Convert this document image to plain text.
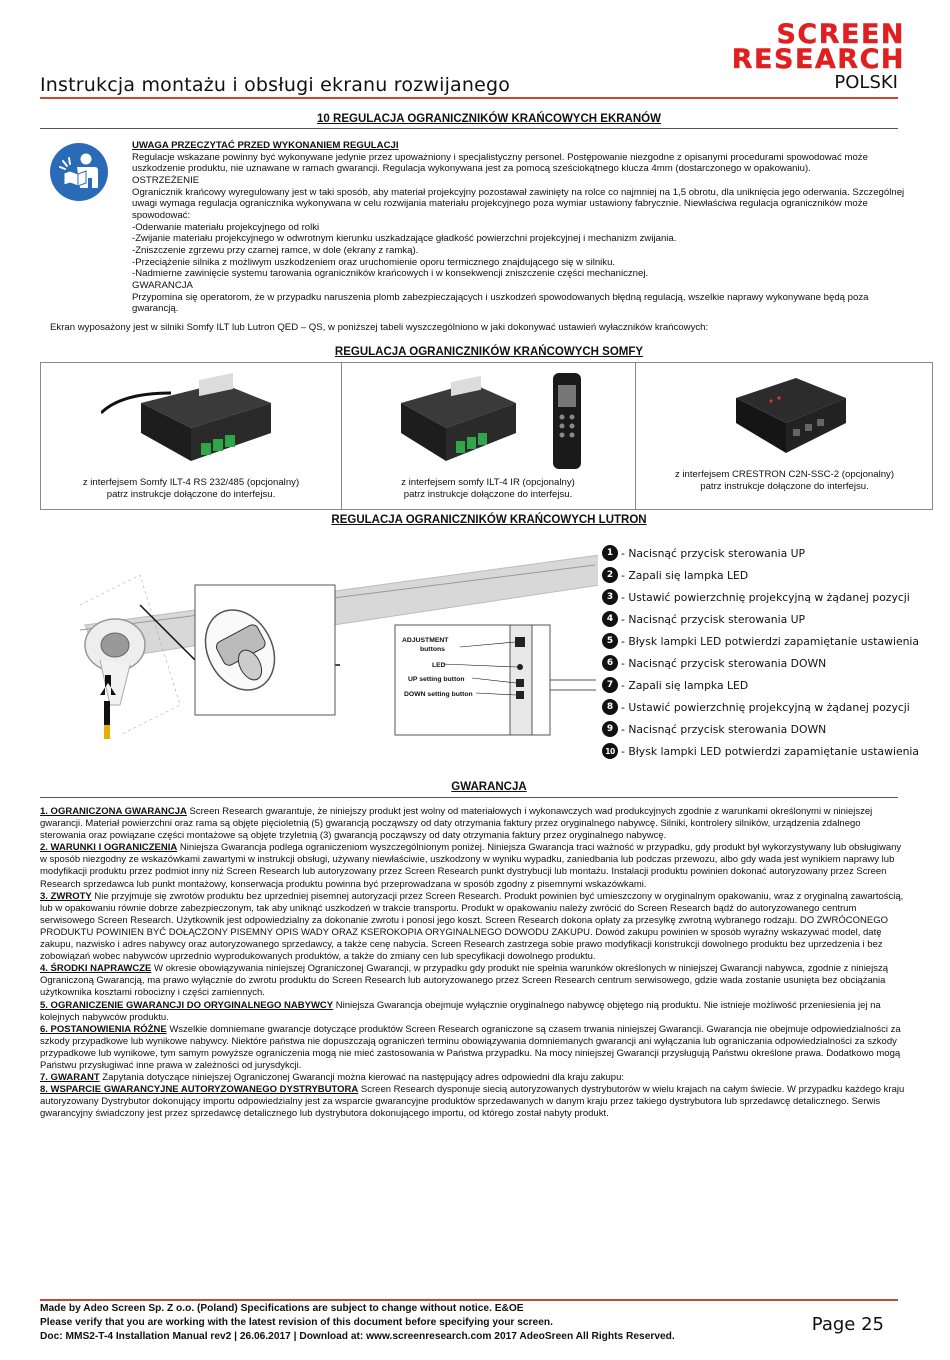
SCREEN
RESEARCH
Instrukcja montażu i obsługi ekranu rozwijanego	POLSKI
10 REGULACJA OGRANICZNIKÓW KRAŃCOWYCH EKRANÓW

UWAGA PRZECZYTAĆ PRZED WYKONANIEM REGULACJI

Regulacje wskazane powinny być wykonywane jedynie przez upoważniony i specjalistyczny personel. Postępowanie niezgodne z opisanymi procedurami spowodować może uszkodzenie produktu, nie uznawane w ramach gwarancji. Regulacja wykonywana jest za pomocą sześciokątnego klucza 4mm (dostarczonego w opakowaniu).

OSTRZEŻENIE

Ogranicznik krańcowy wyregulowany jest w taki sposób, aby materiał projekcyjny pozostawał zawinięty na rolce co najmniej na 1,5 obrotu, dla uniknięcia jego oderwania. Szczególnej uwagi wymaga regulacja ogranicznika wykonywana w celu rozwijania materiału projekcyjnego poza wymiar ustawiony fabrycznie. Niewłaściwa regulacja ograniczników może spowodować:

-Oderwanie materiału projekcyjnego od rolki

-Zwijanie materiału projekcyjnego w odwrotnym kierunku uszkadzające gładkość powierzchni projekcyjnej i mechanizm zwijania.

-Zniszczenie zgrzewu przy czarnej ramce, w dole (ekrany z ramką).

-Przeciążenie silnika z możliwym uszkodzeniem oraz uruchomienie oporu termicznego znajdującego się w silniku.

-Nadmierne zawinięcie systemu tarowania ograniczników krańcowych i w konsekwencji zniszczenie części mechanicznej.

GWARANCJA

Przypomina się operatorom, że w przypadku naruszenia plomb zabezpieczających i uszkodzeń spowodowanych błędną regulacją, wszelkie naprawy wykonywane będą poza gwarancją.

Ekran wyposażony jest w silniki Somfy ILT lub Lutron QED – QS, w poniższej tabeli wyszczególniono w jaki dokonywać ustawień wyłaczników krańcowych:
REGULACJA OGRANICZNIKÓW KRAŃCOWYCH SOMFY
z interfejsem Somfy ILT-4 RS 232/485 (opcjonalny)
patrz instrukcje dołączone do interfejsu.
z interfejsem somfy ILT-4 IR (opcjonalny)
patrz instrukcje dołączone do interfejsu.
z interfejsem CRESTRON C2N-SSC-2 (opcjonalny)
patrz instrukcje dołączone do interfejsu.
REGULACJA OGRANICZNIKÓW KRAŃCOWYCH LUTRON
ADJUSTMENT
buttons
LED
UP setting button
DOWN setting button
1 - Nacisnąć przycisk sterowania UP
2 - Zapali się lampka LED
3 - Ustawić powierzchnię projekcyjną w żądanej pozycji
4 - Nacisnąć przycisk sterowania UP
5 - Błysk lampki LED potwierdzi zapamiętanie ustawienia
6 - Nacisnąć przycisk sterowania DOWN
7 - Zapali się lampka LED
8 - Ustawić powierzchnię projekcyjną w żądanej pozycji
9 - Nacisnąć przycisk sterowania DOWN
10 - Błysk lampki LED potwierdzi zapamiętanie ustawienia
GWARANCJA

1. OGRANICZONA GWARANCJA Screen Research gwarantuje, że niniejszy produkt jest wolny od materiałowych i wykonawczych wad produkcyjnych zgodnie z warunkami określonymi w niniejszej gwarancji. Materiał powierzchni oraz rama są objęte pięcioletnią (5) gwarancją począwszy od daty otrzymania faktury przez oryginalnego nabywcę. Silniki, kontrolery silników, urządzenia zdalnego sterowania oraz powiązane części montażowe są objęte trzyletnią (3) gwarancją począwszy od daty otrzymania faktury przez oryginalnego nabywcę.

2. WARUNKI I OGRANICZENIA Niniejsza Gwarancja podlega ograniczeniom wyszczególnionym poniżej. Niniejsza Gwarancja traci ważność w przypadku, gdy produkt był wykorzystywany lub obsługiwany w sposób niezgodny ze wskazówkami zawartymi w instrukcji obsługi, używany niewłaściwie, uszkodzony w wyniku wypadku, zaniedbania lub podczas przewozu, albo gdy wada jest wynikiem naprawy lub modyfikacji produktu przez podmiot inny niż Screen Research lub autoryzowany przez Screen Research punkt dystrybucji lub montażu. Instalacji produktu powinien dokonać autoryzowany przez Screen Research sprzedawca lub punkt montażowy, konserwacja produktu powinna być przeprowadzana w sposób zgodny z pisemnymi wskazówkami.

3. ZWROTY Nie przyjmuje się zwrotów produktu bez uprzedniej pisemnej autoryzacji przez Screen Research. Produkt powinien być umieszczony w oryginalnym opakowaniu, wraz z oryginalną zawartością, lub w opakowaniu równie dobrze zabezpieczonym, tak aby uniknąć uszkodzeń w trakcie transportu. Produkt w opakowaniu należy zwrócić do Screen Research bądź do autoryzowanego centrum serwisowego Screen Research. Użytkownik jest odpowiedzialny za dokonanie zwrotu i ponosi jego koszt. Screen Research dokona opłaty za przesyłkę zwrotną wybranego rodzaju. DO ZWRÓCONEGO PRODUKTU POWINIEN BYĆ DOŁĄCZONY PISEMNY OPIS WADY ORAZ KSEROKOPIA ORYGINALNEGO DOWODU ZAKUPU. Dowód zakupu powinien w sposób wyraźny wskazywać model, datę zakupu, nazwisko i adres nabywcy oraz autoryzowanego sprzedawcy, a także cenę nabycia. Screen Research zastrzega sobie prawo modyfikacji konstrukcji dowolnego produktu bez uprzedzenia i bez zobowiązań wobec nabywców uprzednio wyprodukowanych produktów, a także do zmiany cen lub specyfikacji dowolnego produktu.

4. ŚRODKI NAPRAWCZE W okresie obowiązywania niniejszej Ograniczonej Gwarancji, w przypadku gdy produkt nie spełnia warunków określonych w niniejszej Gwarancji nabywca, zgodnie z niniejszą Ograniczoną Gwarancją, ma prawo wyłącznie do zwrotu produktu do Screen Research lub autoryzowanego przez Screen Research centrum serwisowego, gdzie wada zostanie usunięta bez obciążania użytkownika kosztami robocizny i części zamiennych.

5. OGRANICZENIE GWARANCJI DO ORYGINALNEGO NABYWCY Niniejsza Gwarancja obejmuje wyłącznie oryginalnego nabywcę objętego nią produktu. Nie istnieje możliwość przeniesienia jej na kolejnych nabywców produktu.

6. POSTANOWIENIA RÓŻNE Wszelkie domniemane gwarancje dotyczące produktów Screen Research ograniczone są czasem trwania niniejszej Gwarancji. Gwarancja nie obejmuje odpowiedzialności za szkody przypadkowe lub wynikowe nabywcy. Niektóre państwa nie dopuszczają ograniczeń terminu obowiązywania domniemanych gwarancji ani wyłączania lub ograniczania odpowiedzialności za szkody przypadkowe lub wynikowe, tym samym powyższe ograniczenia mogą nie mieć zastosowania w Państwa przypadku. Na mocy niniejszej Gwarancji przysługują Państwu określone prawa. Dodatkowo mogą Państwu przysługiwać inne prawa w zależności od jurysdykcji.

7. GWARANT Zapytania dotyczące niniejszej Ograniczonej Gwarancji można kierować na następujący adres odpowiedni dla kraju zakupu:

8. WSPARCIE GWARANCYJNE AUTORYZOWANEGO DYSTRYBUTORA Screen Research dysponuje siecią autoryzowanych dystrybutorów w wielu krajach na całym świecie. W przypadku każdego kraju autoryzowany Dystrybutor dokonujący importu odpowiedzialny jest za wsparcie gwarancyjne produktów sprzedawanych w danym kraju przez takiego dystrybutora lub sprzedawcę detalicznego. Serwis gwarancyjny świadczony jest przez sprzedawcę detalicznego lub dystrybutora dokonującego importu, od którego został nabyty produkt.

Made by Adeo Screen Sp. Z o.o. (Poland) Specifications are subject to change without notice. E&OE
Please verify that you are working with the latest revision of this document before specifying your screen.
Doc: MMS2-T-4 Installation Manual rev2 | 26.06.2017 | Download at: www.screenresearch.com 2017 AdeoSreen All Rights Reserved.
Page 25
